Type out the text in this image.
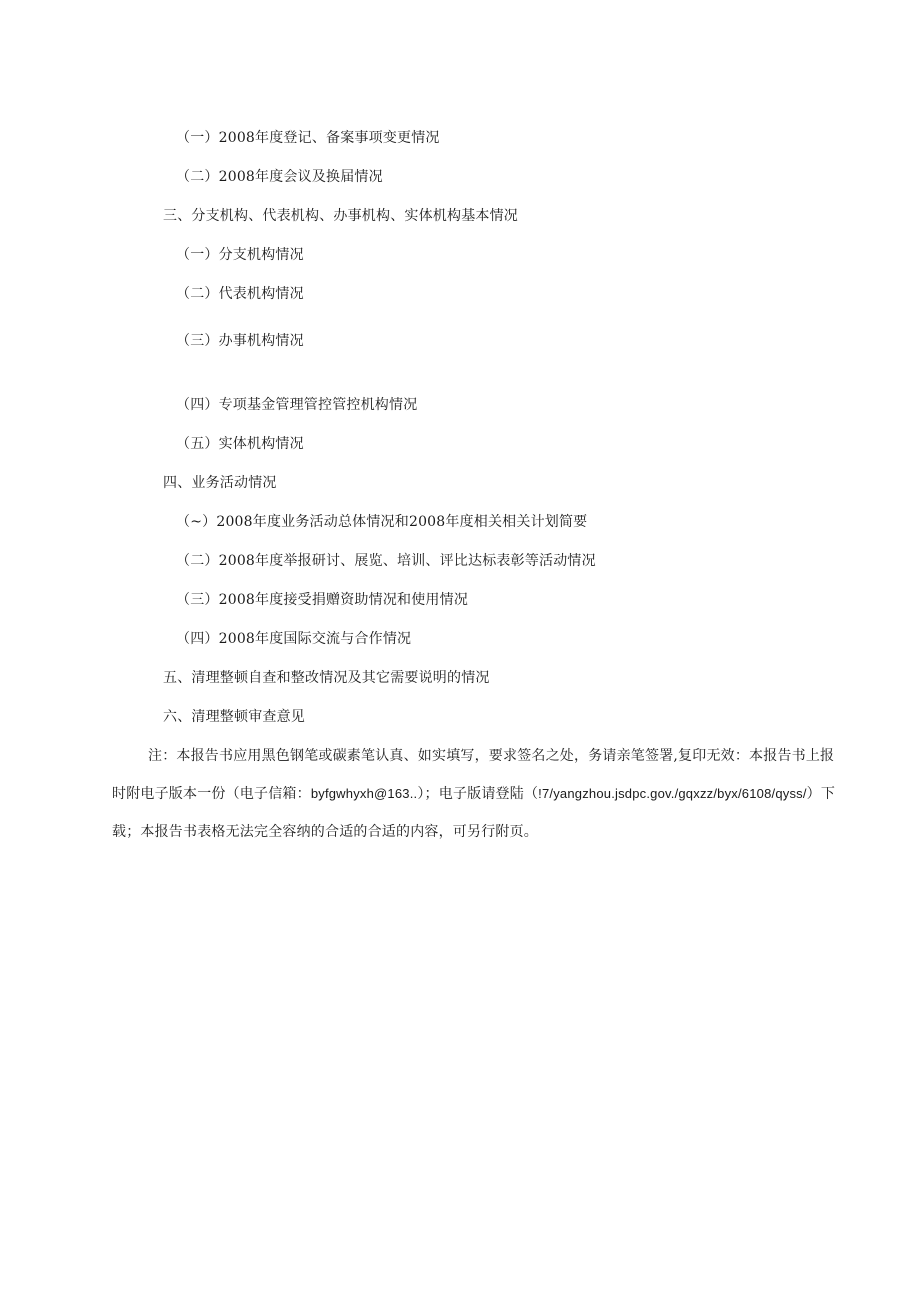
（一）2008年度登记、备案事项变更情况
（二）2008年度会议及换届情况
三、分支机构、代表机构、办事机构、实体机构基本情况
（一）分支机构情况
（二）代表机构情况
（三）办事机构情况
（四）专项基金管理管控管控机构情况
（五）实体机构情况
四、业务活动情况
（~）2008年度业务活动总体情况和2008年度相关相关计划简要
（二）2008年度举报研讨、展览、培训、评比达标表彰等活动情况
（三）2008年度接受捐赠资助情况和使用情况
（四）2008年度国际交流与合作情况
五、清理整顿自查和整改情况及其它需要说明的情况
六、清理整顿审查意见
注：本报告书应用黑色钢笔或碳素笔认真、如实填写，要求签名之处，务请亲笔签署,复印无效：本报告书上报时附电子版本一份（电子信箱：byfgwhyxh@163..）；电子版请登陆（!7/yangzhou.jsdpc.gov./gqxzz/byx/6108/qyss/）下载；本报告书表格无法完全容纳的合适的合适的内容，可另行附页。
